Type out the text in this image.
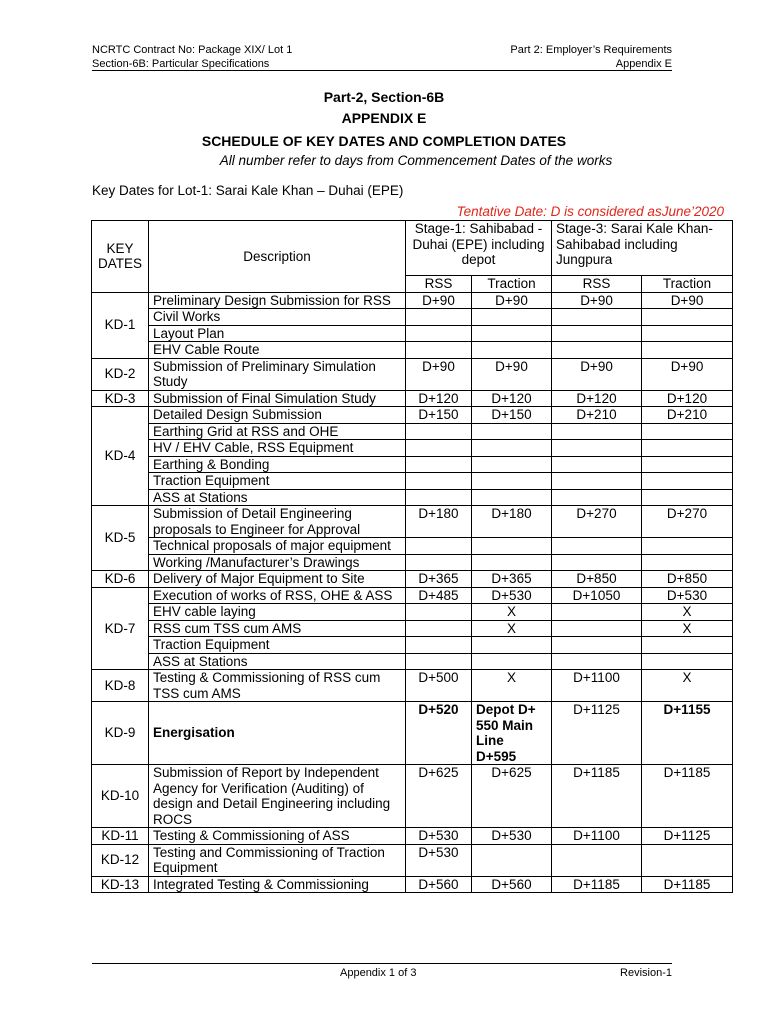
NCRTC Contract No: Package XIX/ Lot 1
Section-6B: Particular Specifications
Part 2: Employer’s Requirements
Appendix E
Part-2, Section-6B
APPENDIX E
SCHEDULE OF KEY DATES AND COMPLETION DATES
All number refer to days from Commencement Dates of the works
Key Dates for Lot-1: Sarai Kale Khan – Duhai (EPE)
Tentative Date: D is considered asJune’2020
KEY DATES	Description	Stage-1: Sahibabad - Duhai (EPE) including depot		Stage-3: Sarai Kale Khan- Sahibabad including Jungpura	
		RSS	Traction	RSS	Traction
KD-1	Preliminary Design Submission for RSS	D+90	D+90	D+90	D+90
	Civil Works				
	Layout Plan				
	EHV Cable Route				
KD-2	Submission of Preliminary Simulation Study	D+90	D+90	D+90	D+90
KD-3	Submission of Final Simulation Study	D+120	D+120	D+120	D+120
KD-4	Detailed Design Submission	D+150	D+150	D+210	D+210
	Earthing Grid at RSS and OHE				
	HV / EHV Cable, RSS Equipment				
	Earthing & Bonding				
	Traction Equipment				
	ASS at Stations				
KD-5	Submission of Detail Engineering proposals to Engineer for Approval	D+180	D+180	D+270	D+270
	Technical proposals of major equipment				
	Working /Manufacturer’s Drawings				
KD-6	Delivery of Major Equipment to Site	D+365	D+365	D+850	D+850
KD-7	Execution of works of RSS, OHE & ASS	D+485	D+530	D+1050	D+530
	EHV cable laying		X		X
	RSS cum TSS cum AMS		X		X
	Traction Equipment				
	ASS at Stations				
KD-8	Testing & Commissioning of RSS cum TSS cum AMS	D+500	X	D+1100	X
KD-9	Energisation	D+520	Depot D+ 550 Main Line D+595	D+1125	D+1155
KD-10	Submission of Report by Independent Agency for Verification (Auditing) of design and Detail Engineering including ROCS	D+625	D+625	D+1185	D+1185
KD-11	Testing & Commissioning of ASS	D+530	D+530	D+1100	D+1125
KD-12	Testing and Commissioning of Traction Equipment	D+530			
KD-13	Integrated Testing & Commissioning	D+560	D+560	D+1185	D+1185
Appendix 1 of 3	Revision-1
